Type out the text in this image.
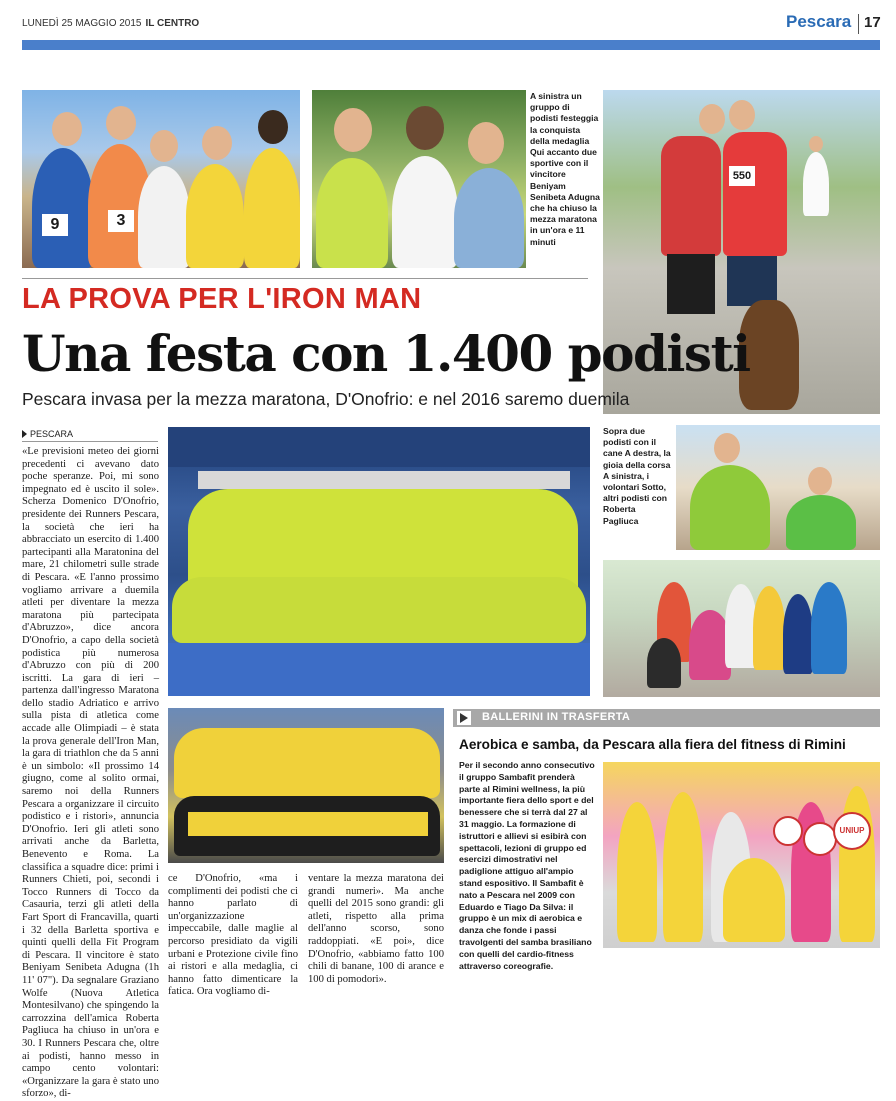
LUNEDÌ 25 MAGGIO 2015 IL CENTRO	Pescara 17
9	3
A sinistra un gruppo di podisti festeggia la conquista della medaglia Qui accanto due sportive con il vincitore Beniyam Senibeta Adugna che ha chiuso la mezza maratona in un'ora e 11 minuti
550
LA PROVA PER L'IRON MAN
Una festa con 1.400 podisti
Pescara invasa per la mezza maratona, D'Onofrio: e nel 2016 saremo duemila
PESCARA
«Le previsioni meteo dei giorni precedenti ci avevano dato poche speranze. Poi, mi sono impegnato ed è uscito il sole». Scherza Domenico D'Onofrio, presidente dei Runners Pescara, la società che ieri ha abbracciato un esercito di 1.400 partecipanti alla Maratonina del mare, 21 chilometri sulle strade di Pescara. «E l'anno prossimo vogliamo arrivare a duemila atleti per diventare la mezza maratona più partecipata d'Abruzzo», dice ancora D'Onofrio, a capo della società podistica più numerosa d'Abruzzo con più di 200 iscritti. La gara di ieri – partenza dall'ingresso Maratona dello stadio Adriatico e arrivo sulla pista di atletica come accade alle Olimpiadi – è stata la prova generale dell'Iron Man, la gara di triathlon che da 5 anni è un simbolo: «Il prossimo 14 giugno, come al solito ormai, saremo noi della Runners Pescara a organizzare il circuito podistico e i ristori», annuncia D'Onofrio. Ieri gli atleti sono arrivati anche da Barletta, Benevento e Roma. La classifica a squadre dice: primi i Runners Chieti, poi, secondi i Tocco Runners di Tocco da Casauria, terzi gli atleti della Fart Sport di Francavilla, quarti i 32 della Barletta sportiva e quinti quelli della Fit Program di Pescara. Il vincitore è stato Beniyam Senibeta Adugna (1h 11' 07"). Da segnalare Graziano Wolfe (Nuova Atletica Montesilvano) che spingendo la carrozzina dell'amica Roberta Pagliuca ha chiuso in un'ora e 30. I Runners Pescara che, oltre ai podisti, hanno messo in campo cento volontari: «Organizzare la gara è stato uno sforzo», di-
Sopra due podisti con il cane A destra, la gioia della corsa A sinistra, i volontari Sotto, altri podisti con Roberta Pagliuca
BALLERINI IN TRASFERTA
Aerobica e samba, da Pescara alla fiera del fitness di Rimini
Per il secondo anno consecutivo il gruppo Sambafit prenderà parte al Rimini wellness, la più importante fiera dello sport e del benessere che si terrà dal 27 al 31 maggio. La formazione di istruttori e allievi si esibirà con spettacoli, lezioni di gruppo ed esercizi dimostrativi nel padiglione attiguo all'ampio stand espositivo. Il Sambafit è nato a Pescara nel 2009 con Eduardo e Tiago Da Silva: il gruppo è un mix di aerobica e danza che fonde i passi travolgenti del samba brasiliano con quelli del cardio-fitness attraverso coreografie.
UNIUP
ce D'Onofrio, «ma i complimenti dei podisti che ci hanno parlato di un'organizzazione impeccabile, dalle maglie al percorso presidiato da vigili urbani e Protezione civile fino ai ristori e alla medaglia, ci hanno fatto dimenticare la fatica. Ora vogliamo di-
ventare la mezza maratona dei grandi numeri». Ma anche quelli del 2015 sono grandi: gli atleti, rispetto alla prima dell'anno scorso, sono raddoppiati. «E poi», dice D'Onofrio, «abbiamo fatto 100 chili di banane, 100 di arance e 100 di pomodori».
